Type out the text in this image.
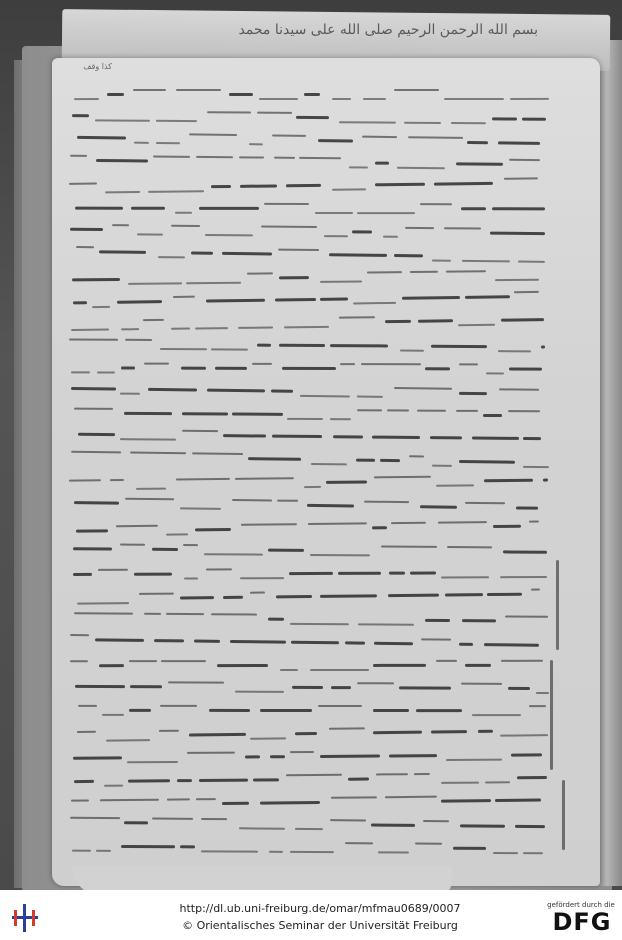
بسم الله الرحمن الرحيم صلى الله على سيدنا محمد
كذا وقف
http://dl.ub.uni-freiburg.de/omar/mfmau0689/0007
© Orientalisches Seminar der Universität Freiburg
gefördert durch die
DFG
